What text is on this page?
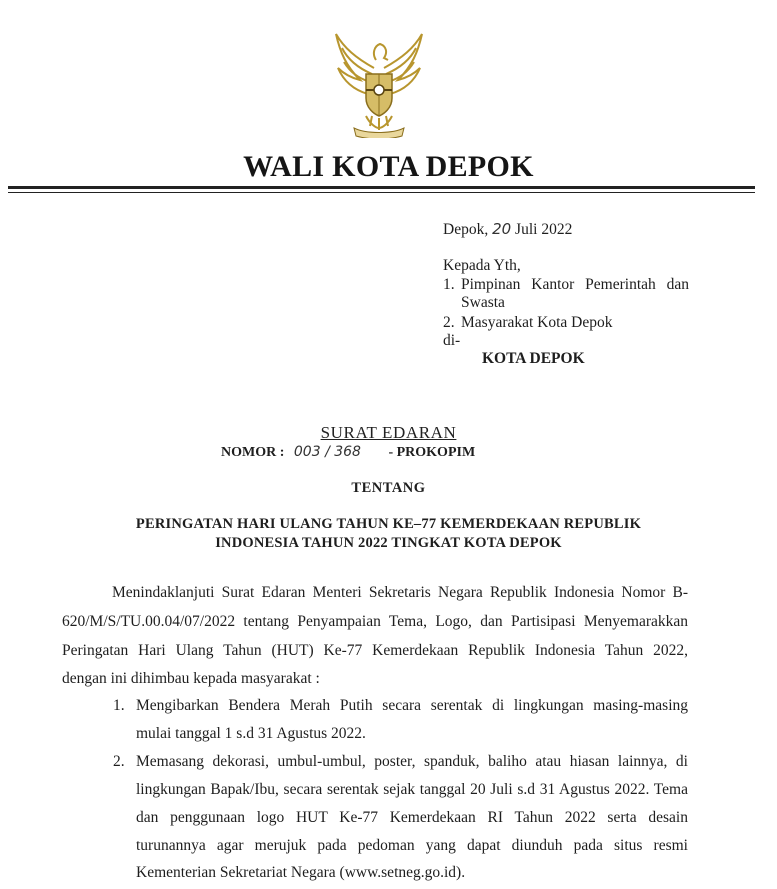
WALI KOTA DEPOK
Depok, 20 Juli 2022
Kepada Yth,
1. Pimpinan Kantor Pemerintah dan
Swasta
2. Masyarakat Kota Depok
di-
KOTA DEPOK
SURAT EDARAN
NOMOR : 003 / 368 - PROKOPIM
TENTANG
PERINGATAN HARI ULANG TAHUN KE–77 KEMERDEKAAN REPUBLIK
INDONESIA TAHUN 2022 TINGKAT KOTA DEPOK
Menindaklanjuti Surat Edaran Menteri Sekretaris Negara Republik Indonesia Nomor B-
620/M/S/TU.00.04/07/2022 tentang Penyampaian Tema, Logo, dan Partisipasi Menyemarakkan
Peringatan Hari Ulang Tahun (HUT) Ke-77 Kemerdekaan Republik Indonesia Tahun 2022,
dengan ini dihimbau kepada masyarakat :
1. Mengibarkan Bendera Merah Putih secara serentak di lingkungan masing-masing
mulai tanggal 1 s.d 31 Agustus 2022.
2. Memasang dekorasi, umbul-umbul, poster, spanduk, baliho atau hiasan lainnya, di
lingkungan Bapak/Ibu, secara serentak sejak tanggal 20 Juli s.d 31 Agustus 2022. Tema
dan penggunaan logo HUT Ke-77 Kemerdekaan RI Tahun 2022 serta desain
turunannya agar merujuk pada pedoman yang dapat diunduh pada situs resmi
Kementerian Sekretariat Negara (www.setneg.go.id).
